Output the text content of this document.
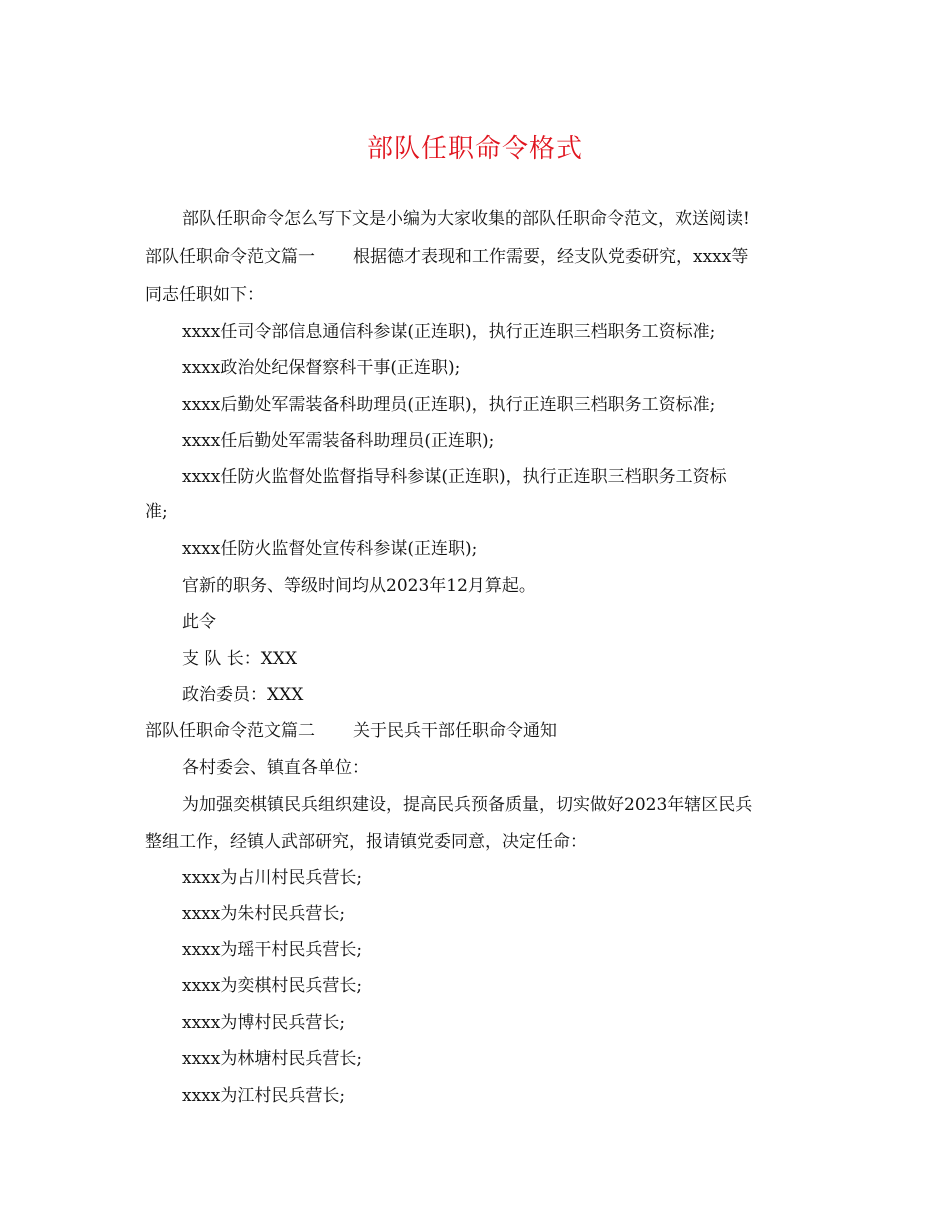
部队任职命令格式
部队任职命令怎么写下文是小编为大家收集的部队任职命令范文，欢送阅读!
部队任职命令范文篇一 根据德才表现和工作需要，经支队党委研究，xxxx等
同志任职如下：
xxxx任司令部信息通信科参谋(正连职)，执行正连职三档职务工资标准;
xxxx政治处纪保督察科干事(正连职);
xxxx后勤处军需装备科助理员(正连职)，执行正连职三档职务工资标准;
xxxx任后勤处军需装备科助理员(正连职);
xxxx任防火监督处监督指导科参谋(正连职)，执行正连职三档职务工资标
准;
xxxx任防火监督处宣传科参谋(正连职);
官新的职务、等级时间均从2023年12月算起。
此令
支 队 长：XXX
政治委员：XXX
部队任职命令范文篇二 关于民兵干部任职命令通知
各村委会、镇直各单位：
为加强奕棋镇民兵组织建设，提高民兵预备质量，切实做好2023年辖区民兵
整组工作，经镇人武部研究，报请镇党委同意，决定任命：
xxxx为占川村民兵营长;
xxxx为朱村民兵营长;
xxxx为瑶干村民兵营长;
xxxx为奕棋村民兵营长;
xxxx为博村民兵营长;
xxxx为林塘村民兵营长;
xxxx为江村民兵营长;
